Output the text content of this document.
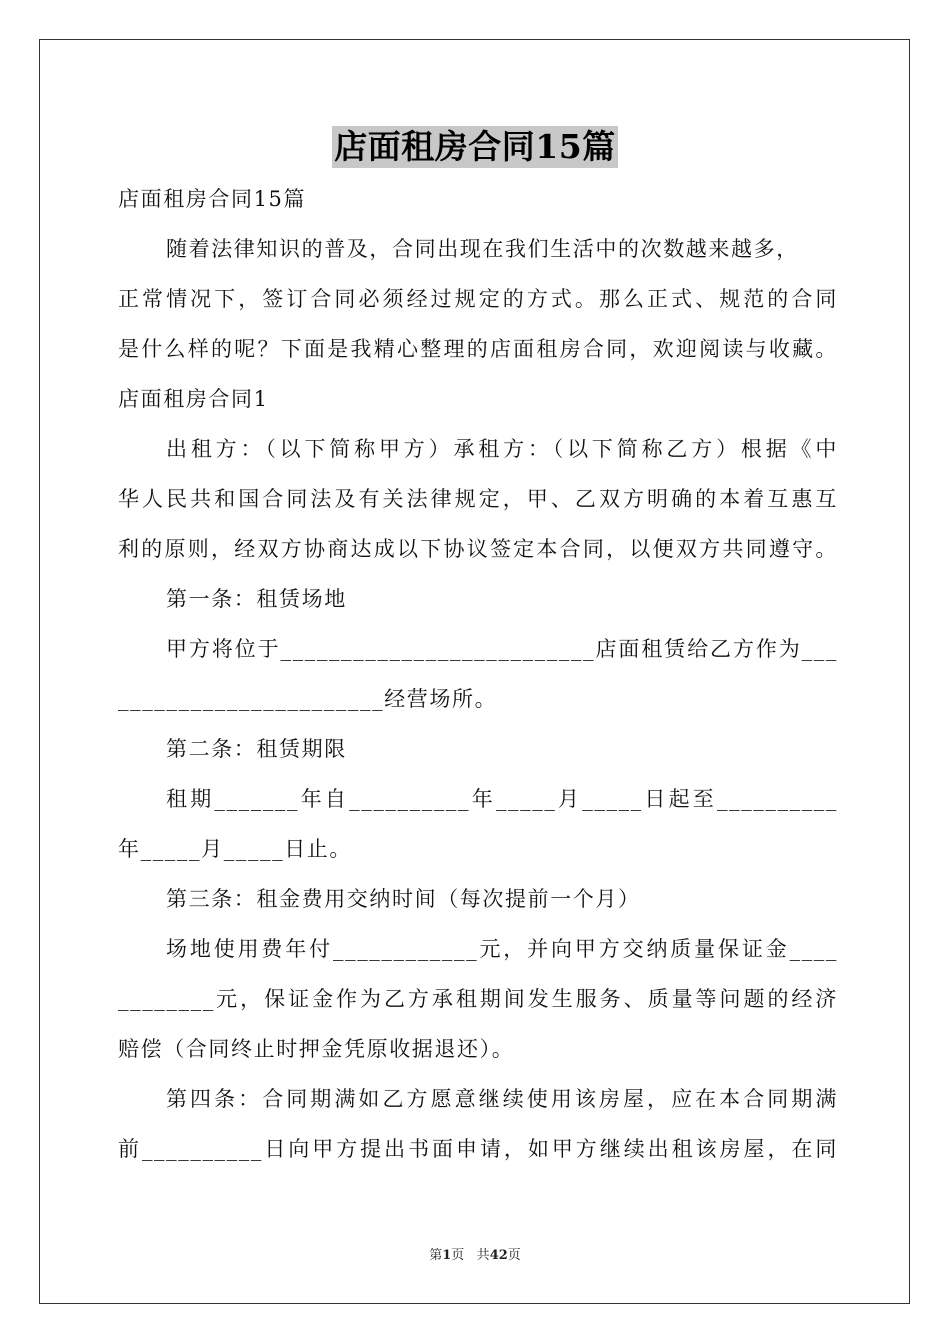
店面租房合同15篇
店面租房合同15篇
随着法律知识的普及，合同出现在我们生活中的次数越来越多，
正常情况下，签订合同必须经过规定的方式。那么正式、规范的合同
是什么样的呢？下面是我精心整理的店面租房合同，欢迎阅读与收藏。
店面租房合同1
出租方：（以下简称甲方）承租方：（以下简称乙方）根据《中
华人民共和国合同法及有关法律规定，甲、乙双方明确的本着互惠互
利的原则，经双方协商达成以下协议签定本合同，以便双方共同遵守。
第一条：租赁场地
甲方将位于__________________________店面租赁给乙方作为___
______________________经营场所。
第二条：租赁期限
租期_______年自__________年_____月_____日起至__________
年_____月_____日止。
第三条：租金费用交纳时间（每次提前一个月）
场地使用费年付____________元，并向甲方交纳质量保证金____
________元，保证金作为乙方承租期间发生服务、质量等问题的经济
赔偿（合同终止时押金凭原收据退还）。
第四条：合同期满如乙方愿意继续使用该房屋，应在本合同期满
前__________日向甲方提出书面申请，如甲方继续出租该房屋，在同
第1页 共42页
